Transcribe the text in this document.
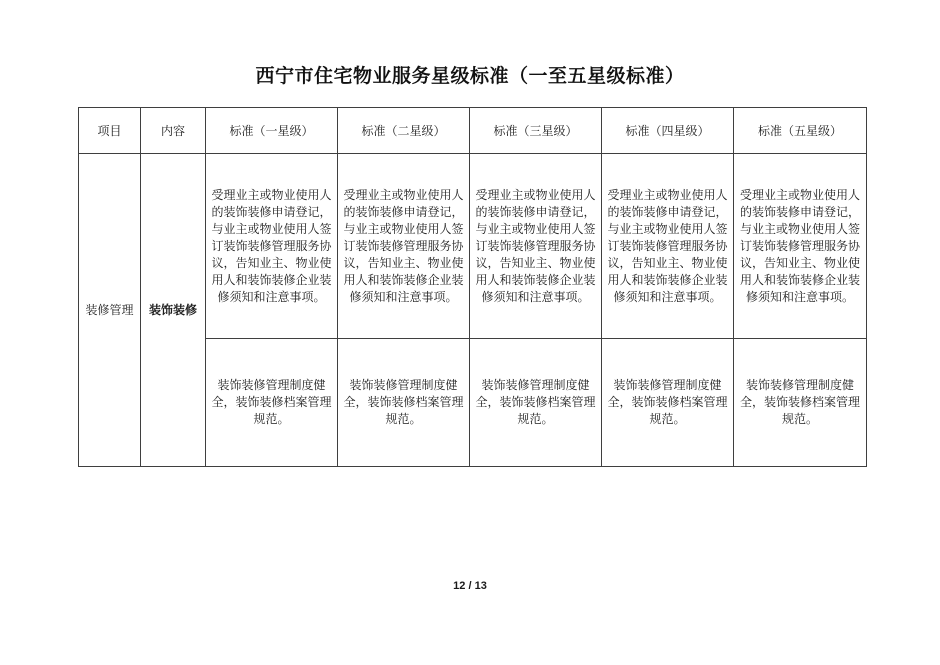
西宁市住宅物业服务星级标准（一至五星级标准）
项目	内容	标准（一星级）	标准（二星级）	标准（三星级）	标准（四星级）	标准（五星级）
装修管理	装饰装修	受理业主或物业使用人的装饰装修申请登记，与业主或物业使用人签订装饰装修管理服务协议，告知业主、物业使用人和装饰装修企业装修须知和注意事项。	受理业主或物业使用人的装饰装修申请登记，与业主或物业使用人签订装饰装修管理服务协议，告知业主、物业使用人和装饰装修企业装修须知和注意事项。	受理业主或物业使用人的装饰装修申请登记，与业主或物业使用人签订装饰装修管理服务协议，告知业主、物业使用人和装饰装修企业装修须知和注意事项。	受理业主或物业使用人的装饰装修申请登记，与业主或物业使用人签订装饰装修管理服务协议，告知业主、物业使用人和装饰装修企业装修须知和注意事项。	受理业主或物业使用人的装饰装修申请登记，与业主或物业使用人签订装饰装修管理服务协议，告知业主、物业使用人和装饰装修企业装修须知和注意事项。
		装饰装修管理制度健全，装饰装修档案管理规范。	装饰装修管理制度健全，装饰装修档案管理规范。	装饰装修管理制度健全，装饰装修档案管理规范。	装饰装修管理制度健全，装饰装修档案管理规范。	装饰装修管理制度健全，装饰装修档案管理规范。
12 / 13
